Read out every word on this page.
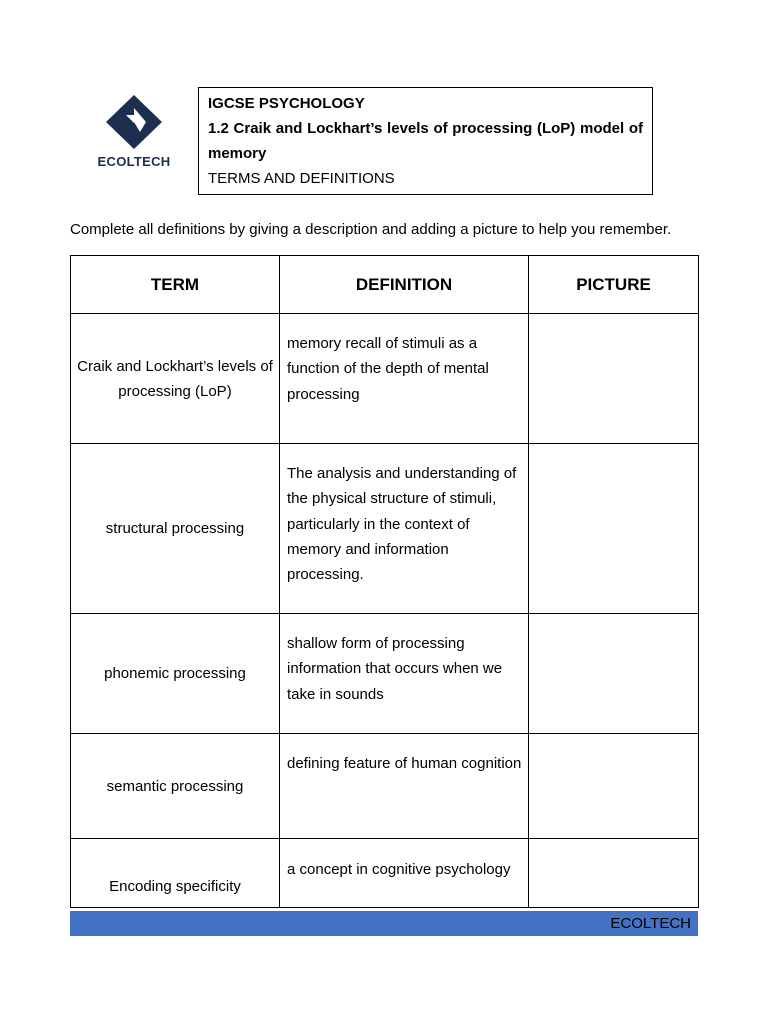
ECOLTECH
IGCSE PSYCHOLOGY
1.2 Craik and Lockhart’s levels of processing (LoP) model of memory
TERMS AND DEFINITIONS
Complete all definitions by giving a description and adding a picture to help you remember.
TERM	DEFINITION	PICTURE
Craik and Lockhart’s levels of processing (LoP)	memory recall of stimuli as a function of the depth of mental processing	
structural processing	The analysis and understanding of the physical structure of stimuli, particularly in the context of memory and information processing.	
phonemic processing	shallow form of processing information that occurs when we take in sounds	
semantic processing	defining feature of human cognition	
Encoding specificity	a concept in cognitive psychology	
ECOLTECH
